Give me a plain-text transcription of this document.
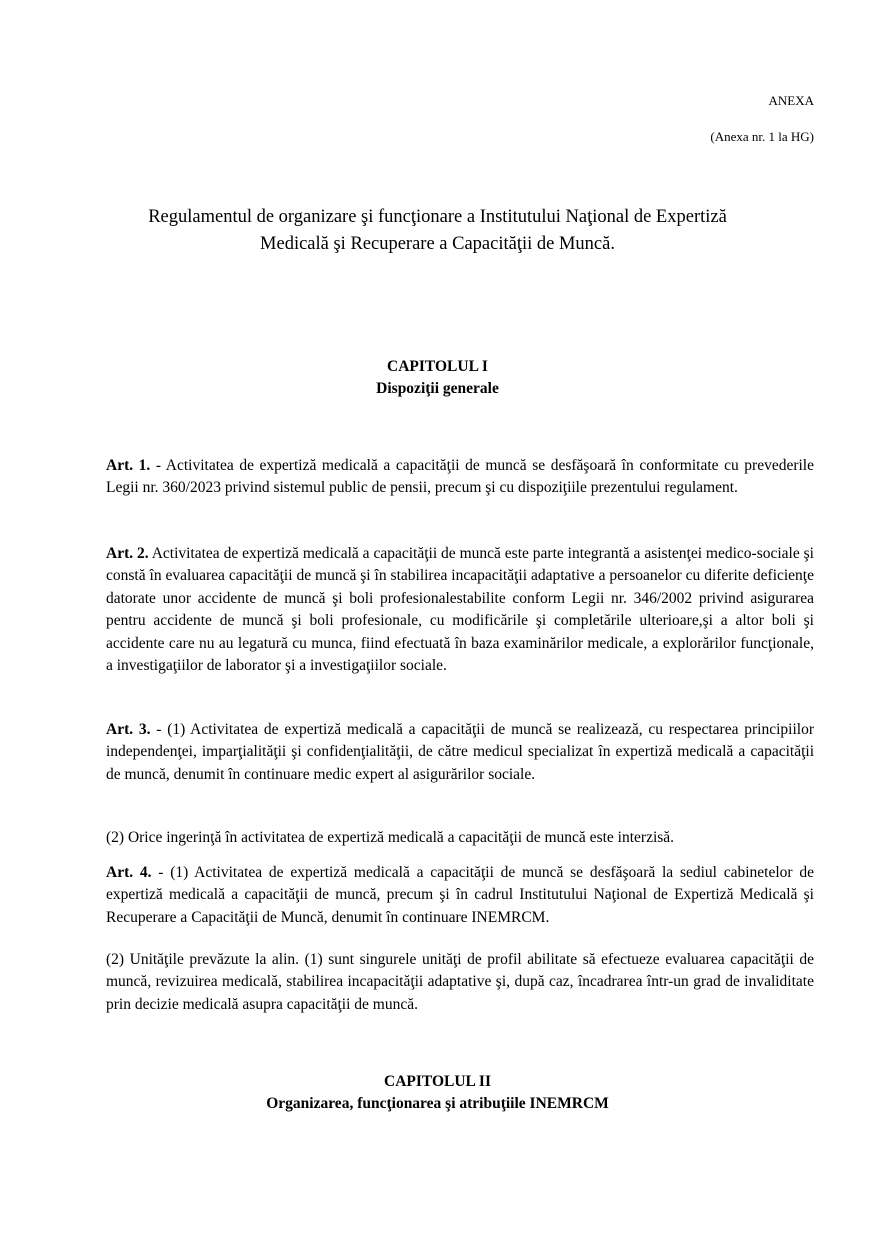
ANEXA
(Anexa nr. 1 la HG)
Regulamentul de organizare şi funcţionare a Institutului Naţional de Expertiză
Medicală şi Recuperare a Capacităţii de Muncă.
CAPITOLUL I
Dispoziţii generale

Art. 1. - Activitatea de expertiză medicală a capacităţii de muncă se desfăşoară în conformitate cu prevederile Legii nr. 360/2023 privind sistemul public de pensii, precum şi cu dispoziţiile prezentului regulament.

Art. 2. Activitatea de expertiză medicală a capacităţii de muncă este parte integrantă a asistenţei medico-sociale şi constă în evaluarea capacităţii de muncă şi în stabilirea incapacităţii adaptative a persoanelor cu diferite deficienţe datorate unor accidente de muncă şi boli profesionalestabilite conform Legii nr. 346/2002 privind asigurarea pentru accidente de muncă şi boli profesionale, cu modificările şi completările ulterioare,şi a altor boli şi accidente care nu au legatură cu munca, fiind efectuată în baza examinărilor medicale, a explorărilor funcţionale, a investigaţiilor de laborator şi a investigaţiilor sociale.

Art. 3. - (1) Activitatea de expertiză medicală a capacităţii de muncă se realizează, cu respectarea principiilor independenţei, imparţialităţii şi confidenţialităţii, de către medicul specializat în expertiză medicală a capacităţii de muncă, denumit în continuare medic expert al asigurărilor sociale.

(2) Orice ingerinţă în activitatea de expertiză medicală a capacităţii de muncă este interzisă.

Art. 4. - (1) Activitatea de expertiză medicală a capacităţii de muncă se desfăşoară la sediul cabinetelor de expertiză medicală a capacităţii de muncă, precum şi în cadrul Institutului Naţional de Expertiză Medicală şi Recuperare a Capacităţii de Muncă, denumit în continuare INEMRCM.

(2) Unităţile prevăzute la alin. (1) sunt singurele unităţi de profil abilitate să efectueze evaluarea capacităţii de muncă, revizuirea medicală, stabilirea incapacităţii adaptative şi, după caz, încadrarea într-un grad de invaliditate prin decizie medicală asupra capacităţii de muncă.

CAPITOLUL II
Organizarea, funcţionarea şi atribuţiile INEMRCM
